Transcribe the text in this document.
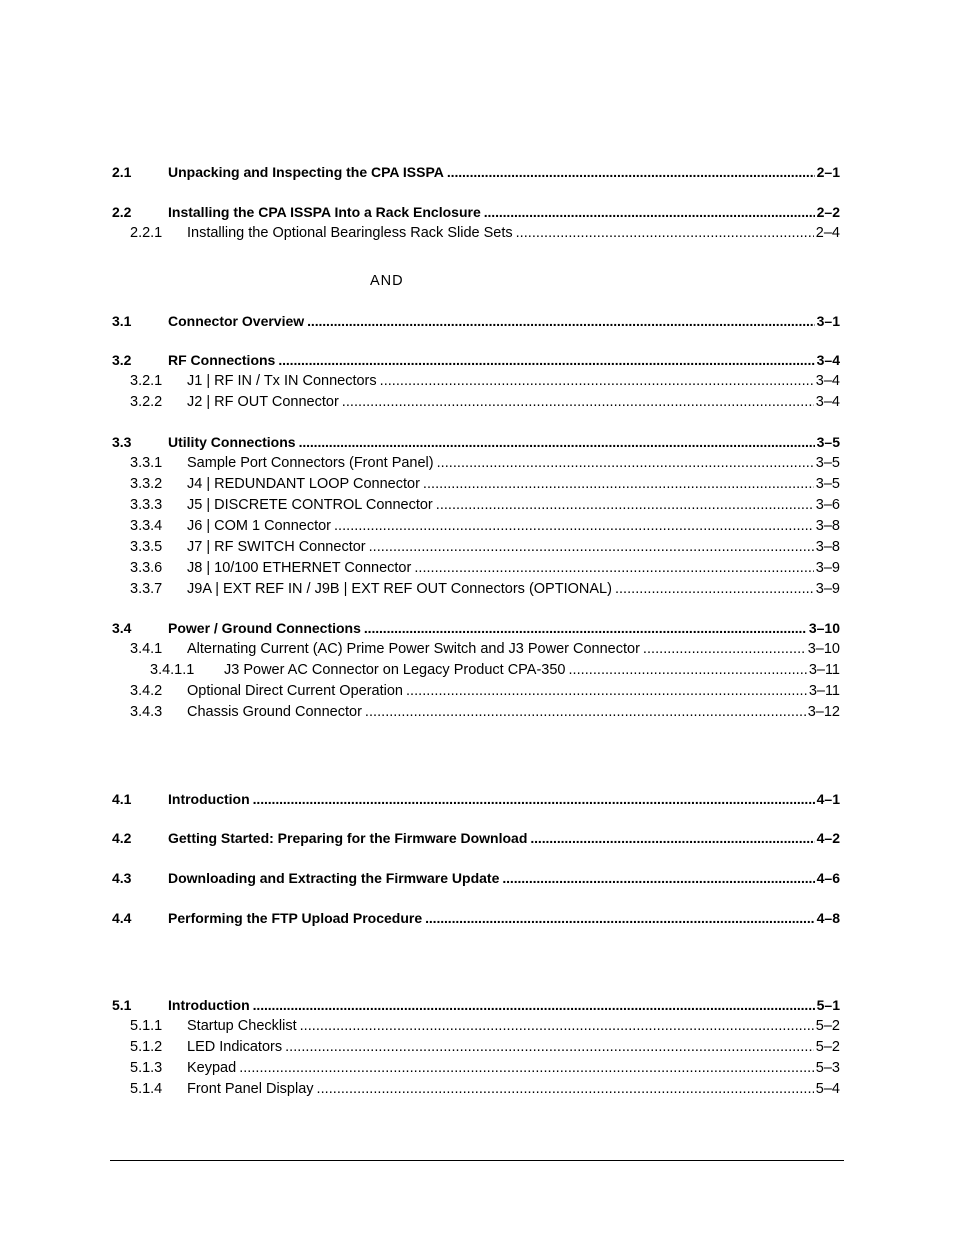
2.1	Unpacking and Inspecting the CPA ISSPA . . .	2–1
2.2	Installing the CPA ISSPA Into a Rack Enclosure . . .	2–2
2.2.1 Installing the Optional Bearingless Rack Slide Sets . . .	2–4
3.1	Connector Overview . . .	3–1
3.2	RF Connections . . .	3–4
3.2.1 J1 | RF IN / Tx IN Connectors . . .	3–4
3.2.2 J2 | RF OUT Connector . . .	3–4
3.3	Utility Connections . . .	3–5
3.3.1 Sample Port Connectors (Front Panel) . . .	3–5
3.3.2 J4 | REDUNDANT LOOP Connector . . .	3–5
3.3.3 J5 | DISCRETE CONTROL Connector . . .	3–6
3.3.4 J6 | COM 1 Connector . . .	3–8
3.3.5 J7 | RF SWITCH Connector . . .	3–8
3.3.6 J8 | 10/100 ETHERNET Connector . . .	3–9
3.3.7 J9A | EXT REF IN / J9B | EXT REF OUT Connectors (OPTIONAL) . . .	3–9
3.4	Power / Ground Connections . . .	3–10
3.4.1 Alternating Current (AC) Prime Power Switch and J3 Power Connector . . .	3–10
3.4.1.1 J3 Power AC Connector on Legacy Product CPA-350 . . .	3–11
3.4.2 Optional Direct Current Operation . . .	3–11
3.4.3 Chassis Ground Connector . . .	3–12
4.1	Introduction . . .	4–1
4.2	Getting Started: Preparing for the Firmware Download . . .	4–2
4.3	Downloading and Extracting the Firmware Update . . .	4–6
4.4	Performing the FTP Upload Procedure . . .	4–8
5.1	Introduction . . .	5–1
5.1.1 Startup Checklist . . .	5–2
5.1.2 LED Indicators . . .	5–2
5.1.3 Keypad . . .	5–3
5.1.4 Front Panel Display . . .	5–4
AND
